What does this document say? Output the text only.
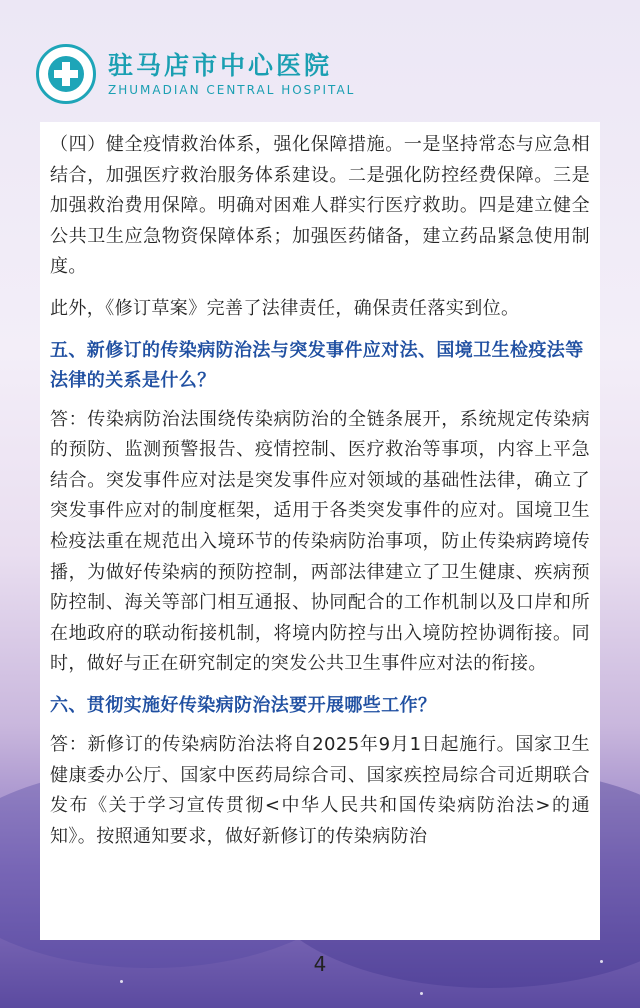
驻马店市中心医院
ZHUMADIAN CENTRAL HOSPITAL

（四）健全疫情救治体系，强化保障措施。一是坚持常态与应急相结合，加强医疗救治服务体系建设。二是强化防控经费保障。三是加强救治费用保障。明确对困难人群实行医疗救助。四是建立健全公共卫生应急物资保障体系；加强医药储备，建立药品紧急使用制度。

此外，《修订草案》完善了法律责任，确保责任落实到位。

五、新修订的传染病防治法与突发事件应对法、国境卫生检疫法等法律的关系是什么？

答：传染病防治法围绕传染病防治的全链条展开，系统规定传染病的预防、监测预警报告、疫情控制、医疗救治等事项，内容上平急结合。突发事件应对法是突发事件应对领域的基础性法律，确立了突发事件应对的制度框架，适用于各类突发事件的应对。国境卫生检疫法重在规范出入境环节的传染病防治事项，防止传染病跨境传播，为做好传染病的预防控制，两部法律建立了卫生健康、疾病预防控制、海关等部门相互通报、协同配合的工作机制以及口岸和所在地政府的联动衔接机制，将境内防控与出入境防控协调衔接。同时，做好与正在研究制定的突发公共卫生事件应对法的衔接。

六、贯彻实施好传染病防治法要开展哪些工作？

答：新修订的传染病防治法将自2025年9月1日起施行。国家卫生健康委办公厅、国家中医药局综合司、国家疾控局综合司近期联合发布《关于学习宣传贯彻<中华人民共和国传染病防治法>的通知》。按照通知要求，做好新修订的传染病防治

4
